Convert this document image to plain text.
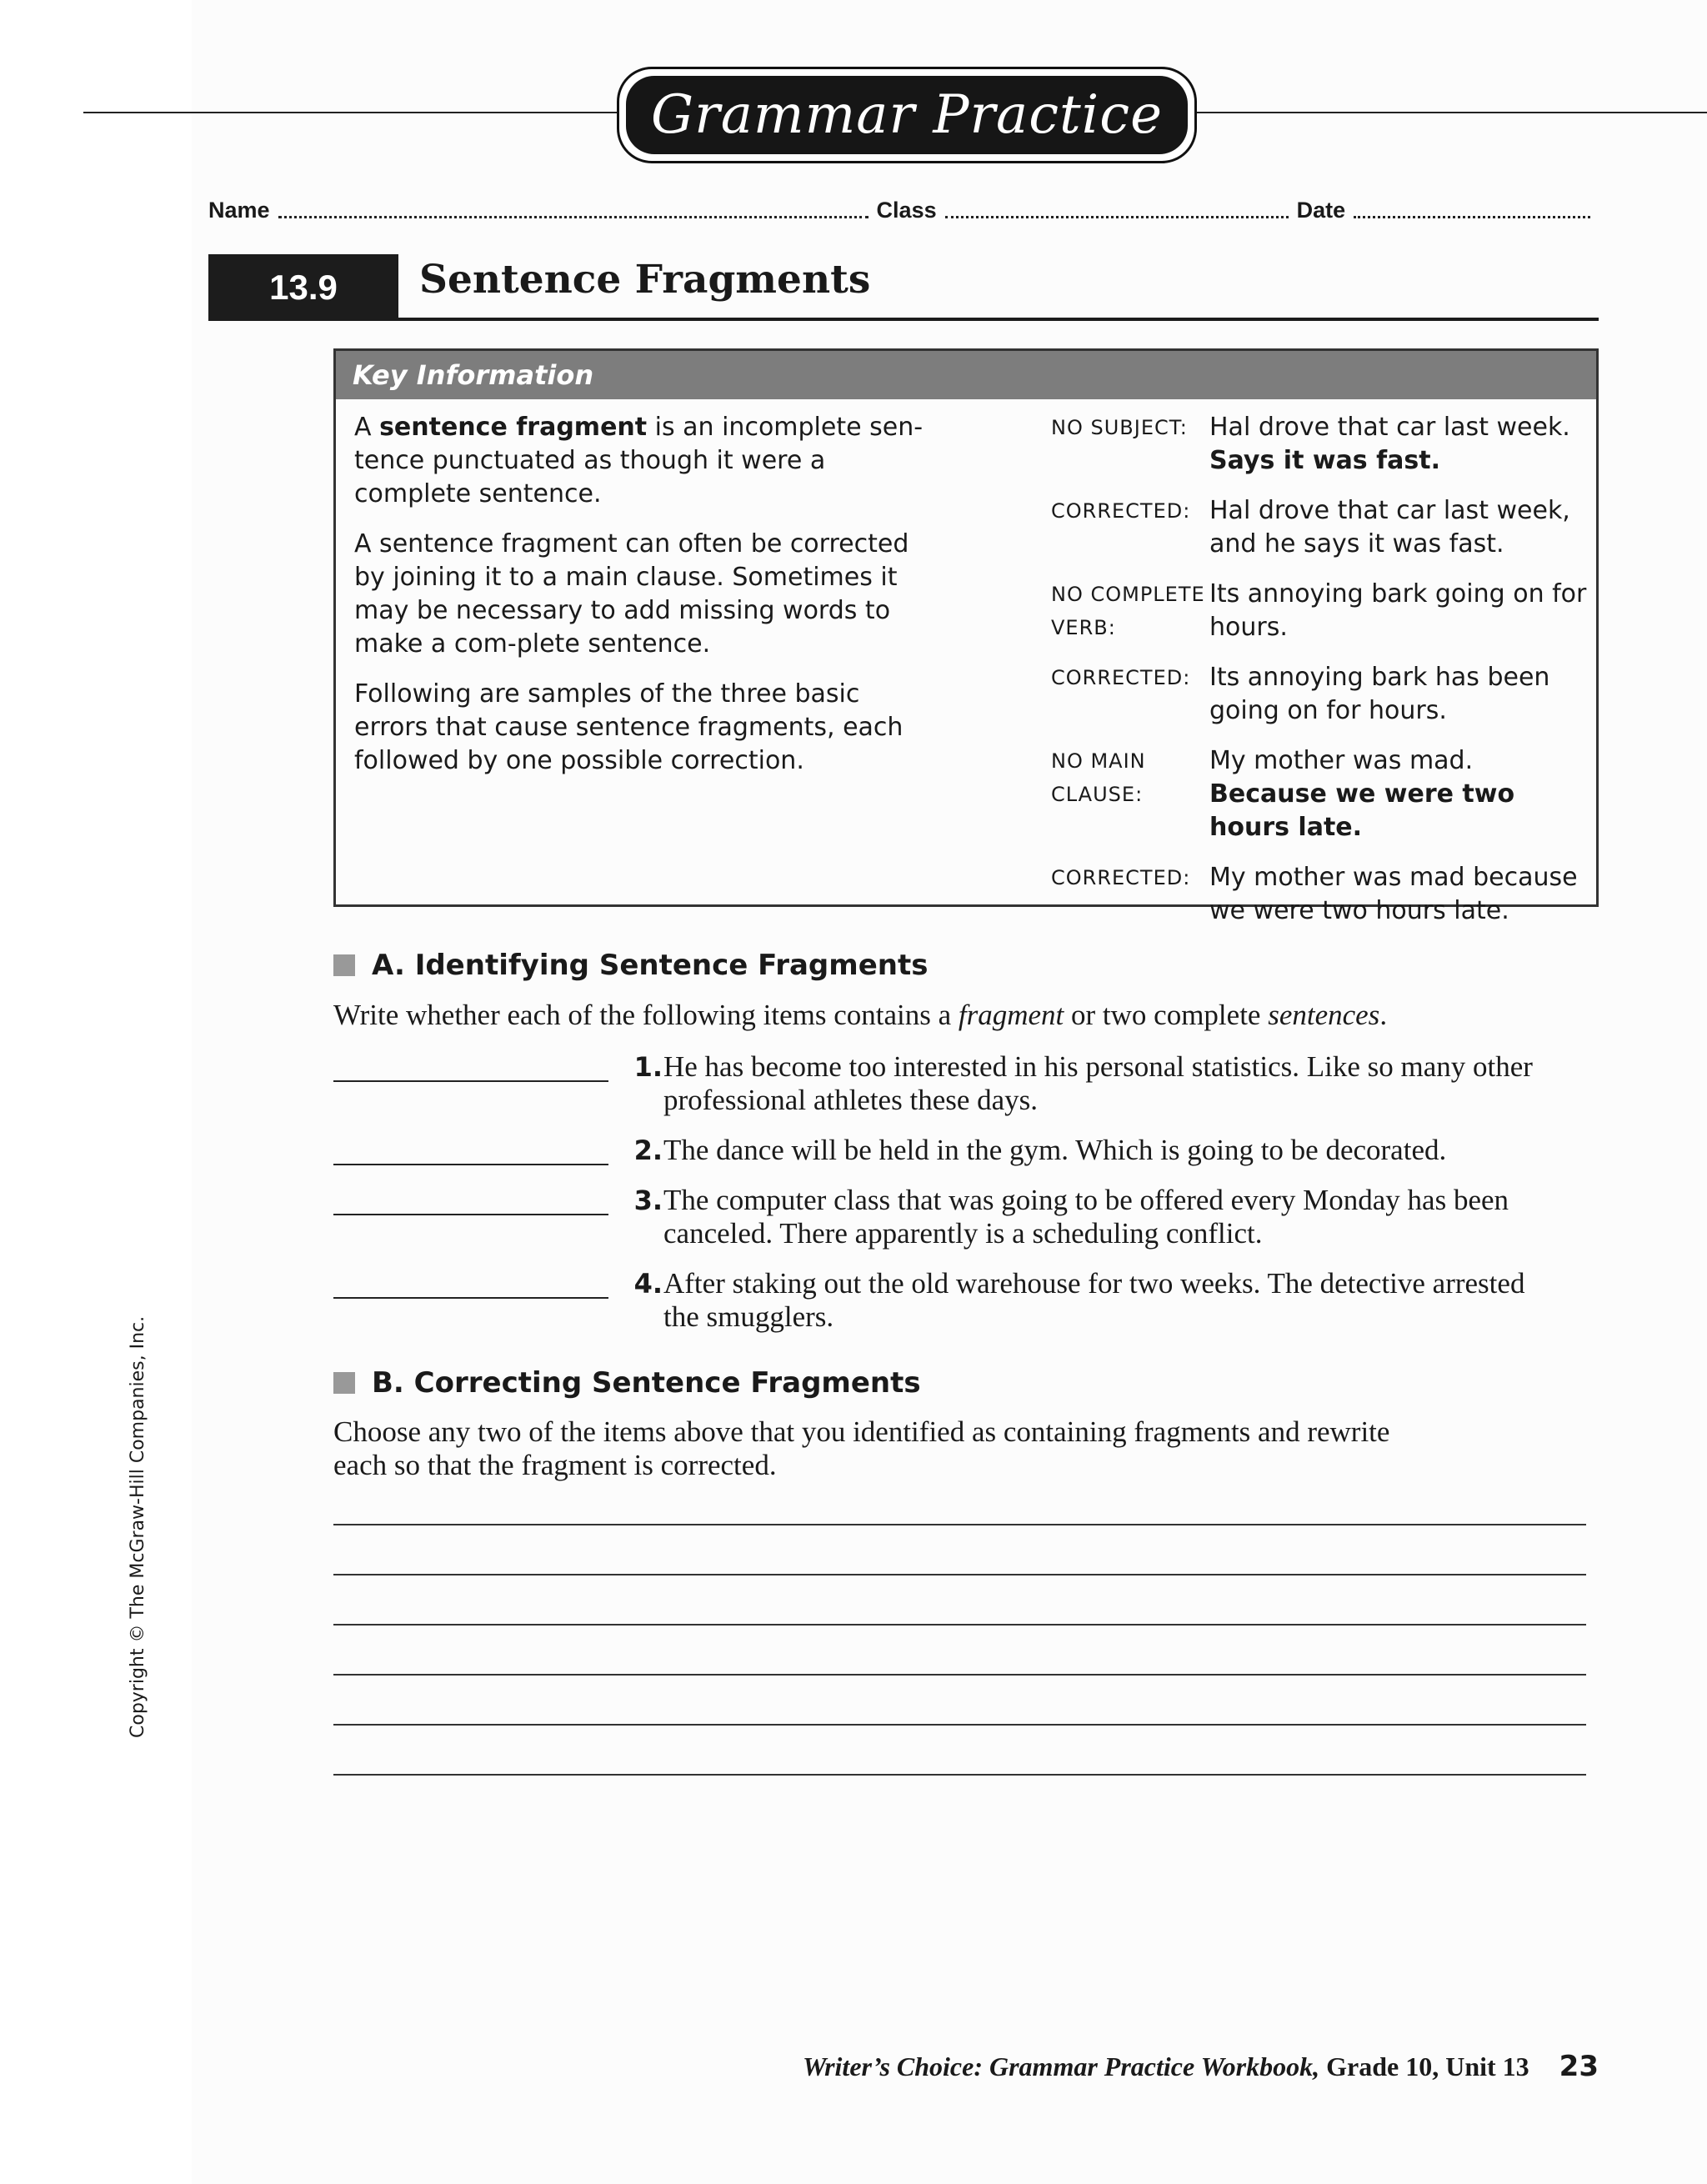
Grammar Practice
Name	Class	Date
13.9	Sentence Fragments
Key Information

A sentence fragment is an incomplete sen-tence punctuated as though it were a complete sentence.

A sentence fragment can often be corrected by joining it to a main clause. Sometimes it may be necessary to add missing words to make a com-plete sentence.

Following are samples of the three basic errors that cause sentence fragments, each followed by one possible correction.

NO SUBJECT: Hal drove that car last week.
Says it was fast.
CORRECTED: Hal drove that car last week, and he says it was fast.
NO COMPLETE VERB:
Its annoying bark going on for hours.
CORRECTED: Its annoying bark has been going on for hours.
NO MAIN CLAUSE:
My mother was mad. Because we were two hours late.
CORRECTED: My mother was mad because we were two hours late.
A. Identifying Sentence Fragments
Write whether each of the following items contains a fragment or two complete sentences.
1. He has become too interested in his personal statistics. Like so many other professional athletes these days.
2. The dance will be held in the gym. Which is going to be decorated.
3. The computer class that was going to be offered every Monday has been canceled. There apparently is a scheduling conflict.
4. After staking out the old warehouse for two weeks. The detective arrested the smugglers.
B. Correcting Sentence Fragments
Choose any two of the items above that you identified as containing fragments and rewrite each so that the fragment is corrected.
Copyright © The McGraw-Hill Companies, Inc.
Writer’s Choice: Grammar Practice Workbook, Grade 10, Unit 13 23
